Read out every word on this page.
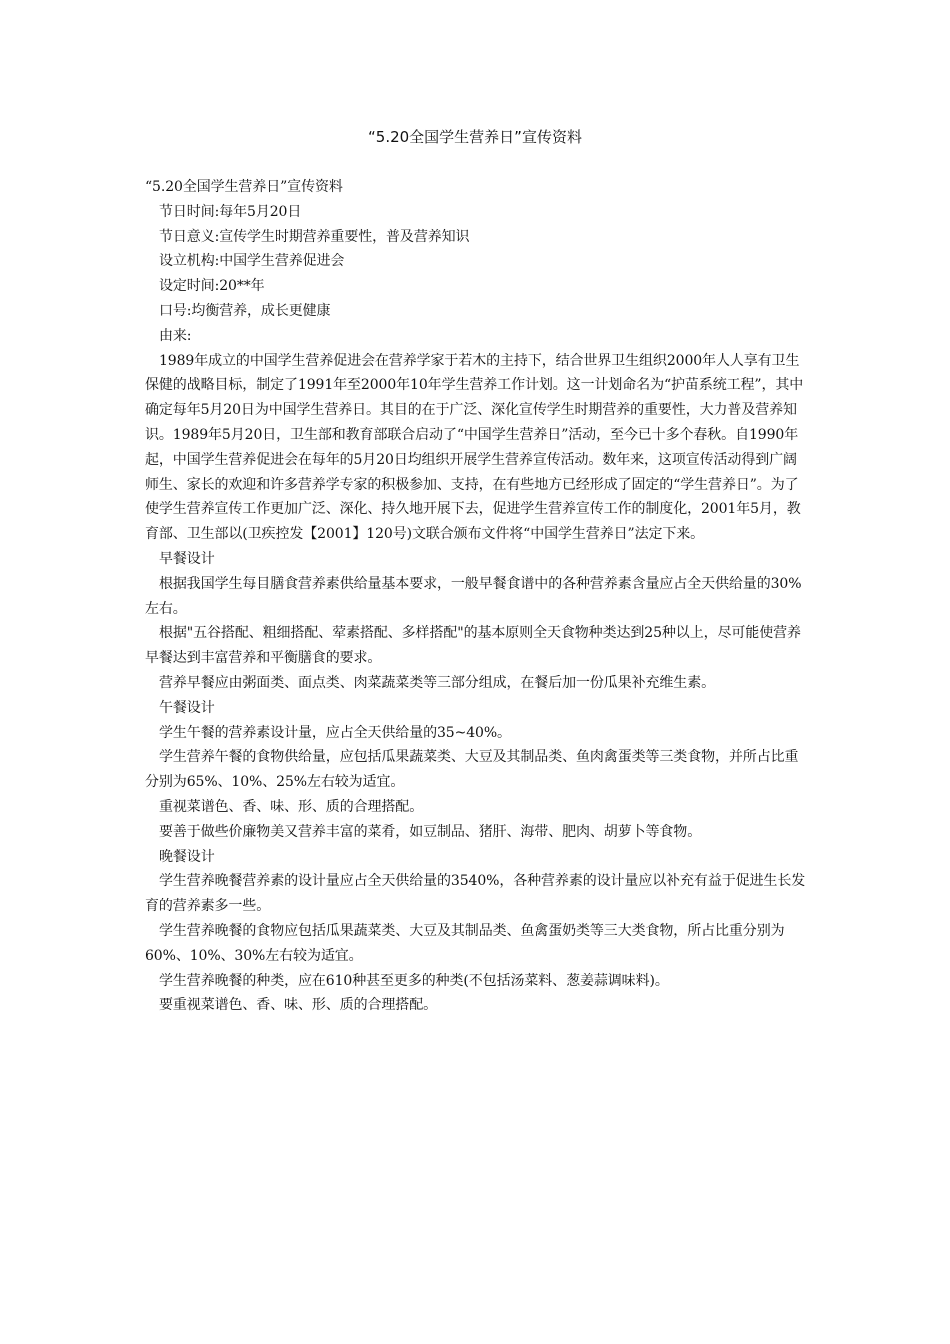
“5.20全国学生营养日”宣传资料

“5.20全国学生营养日”宣传资料

节日时间:每年5月20日

节日意义:宣传学生时期营养重要性，普及营养知识

设立机构:中国学生营养促进会

设定时间:20**年

口号:均衡营养，成长更健康

由来:

1989年成立的中国学生营养促进会在营养学家于若木的主持下，结合世界卫生组织2000年人人享有卫生保健的战略目标，制定了1991年至2000年10年学生营养工作计划。这一计划命名为“护苗系统工程”，其中确定每年5月20日为中国学生营养日。其目的在于广泛、深化宣传学生时期营养的重要性，大力普及营养知识。1989年5月20日，卫生部和教育部联合启动了“中国学生营养日”活动，至今已十多个春秋。自1990年起，中国学生营养促进会在每年的5月20日均组织开展学生营养宣传活动。数年来，这项宣传活动得到广阔师生、家长的欢迎和许多营养学专家的积极参加、支持，在有些地方已经形成了固定的“学生营养日”。为了使学生营养宣传工作更加广泛、深化、持久地开展下去，促进学生营养宣传工作的制度化，2001年5月，教育部、卫生部以(卫疾控发【2001】120号)文联合颁布文件将“中国学生营养日”法定下来。

早餐设计

根据我国学生每目膳食营养素供给量基本要求，一般早餐食谱中的各种营养素含量应占全天供给量的30%左右。

根据"五谷搭配、粗细搭配、荤素搭配、多样搭配"的基本原则全天食物种类达到25种以上，尽可能使营养早餐达到丰富营养和平衡膳食的要求。

营养早餐应由粥面类、面点类、肉菜蔬菜类等三部分组成，在餐后加一份瓜果补充维生素。

午餐设计

学生午餐的营养素设计量，应占全天供给量的35~40%。

学生营养午餐的食物供给量，应包括瓜果蔬菜类、大豆及其制品类、鱼肉禽蛋类等三类食物，并所占比重分别为65%、10%、25%左右较为适宜。

重视菜谱色、香、味、形、质的合理搭配。

要善于做些价廉物美又营养丰富的菜肴，如豆制品、猪肝、海带、肥肉、胡萝卜等食物。

晚餐设计

学生营养晚餐营养素的设计量应占全天供给量的3540%，各种营养素的设计量应以补充有益于促进生长发育的营养素多一些。

学生营养晚餐的食物应包括瓜果蔬菜类、大豆及其制品类、鱼禽蛋奶类等三大类食物，所占比重分别为60%、10%、30%左右较为适宜。

学生营养晚餐的种类，应在610种甚至更多的种类(不包括汤菜料、葱姜蒜调味料)。

要重视菜谱色、香、味、形、质的合理搭配。
